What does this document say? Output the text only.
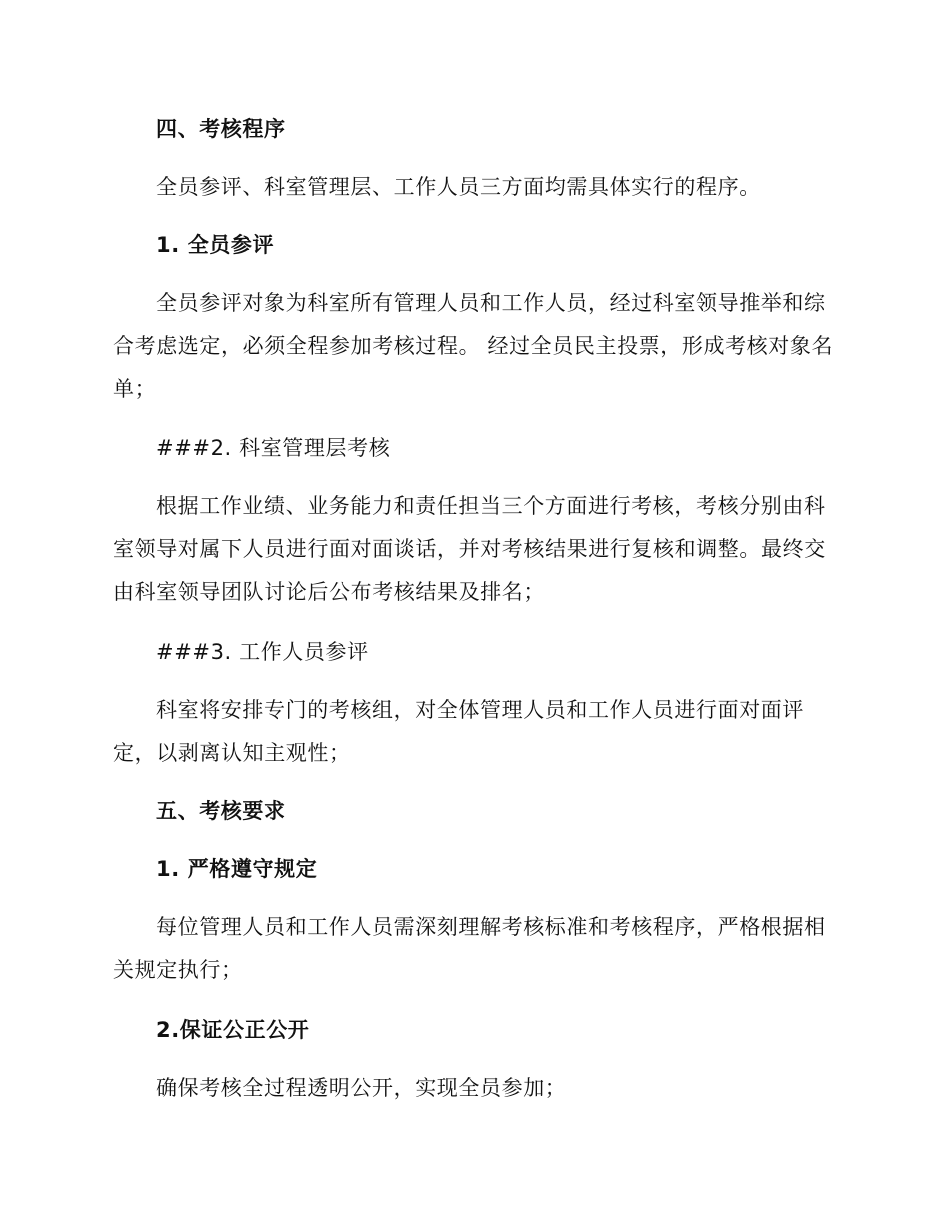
四、考核程序
全员参评、科室管理层、工作人员三方面均需具体实行的程序。
1. 全员参评
全员参评对象为科室所有管理人员和工作人员，经过科室领导推举和综
合考虑选定，必须全程参加考核过程。 经过全员民主投票，形成考核对象名
单；
###2. 科室管理层考核
根据工作业绩、业务能力和责任担当三个方面进行考核，考核分别由科
室领导对属下人员进行面对面谈话，并对考核结果进行复核和调整。最终交
由科室领导团队讨论后公布考核结果及排名；
###3. 工作人员参评
科室将安排专门的考核组，对全体管理人员和工作人员进行面对面评
定，以剥离认知主观性；
五、考核要求
1. 严格遵守规定
每位管理人员和工作人员需深刻理解考核标准和考核程序，严格根据相
关规定执行；
2.保证公正公开
确保考核全过程透明公开，实现全员参加；
